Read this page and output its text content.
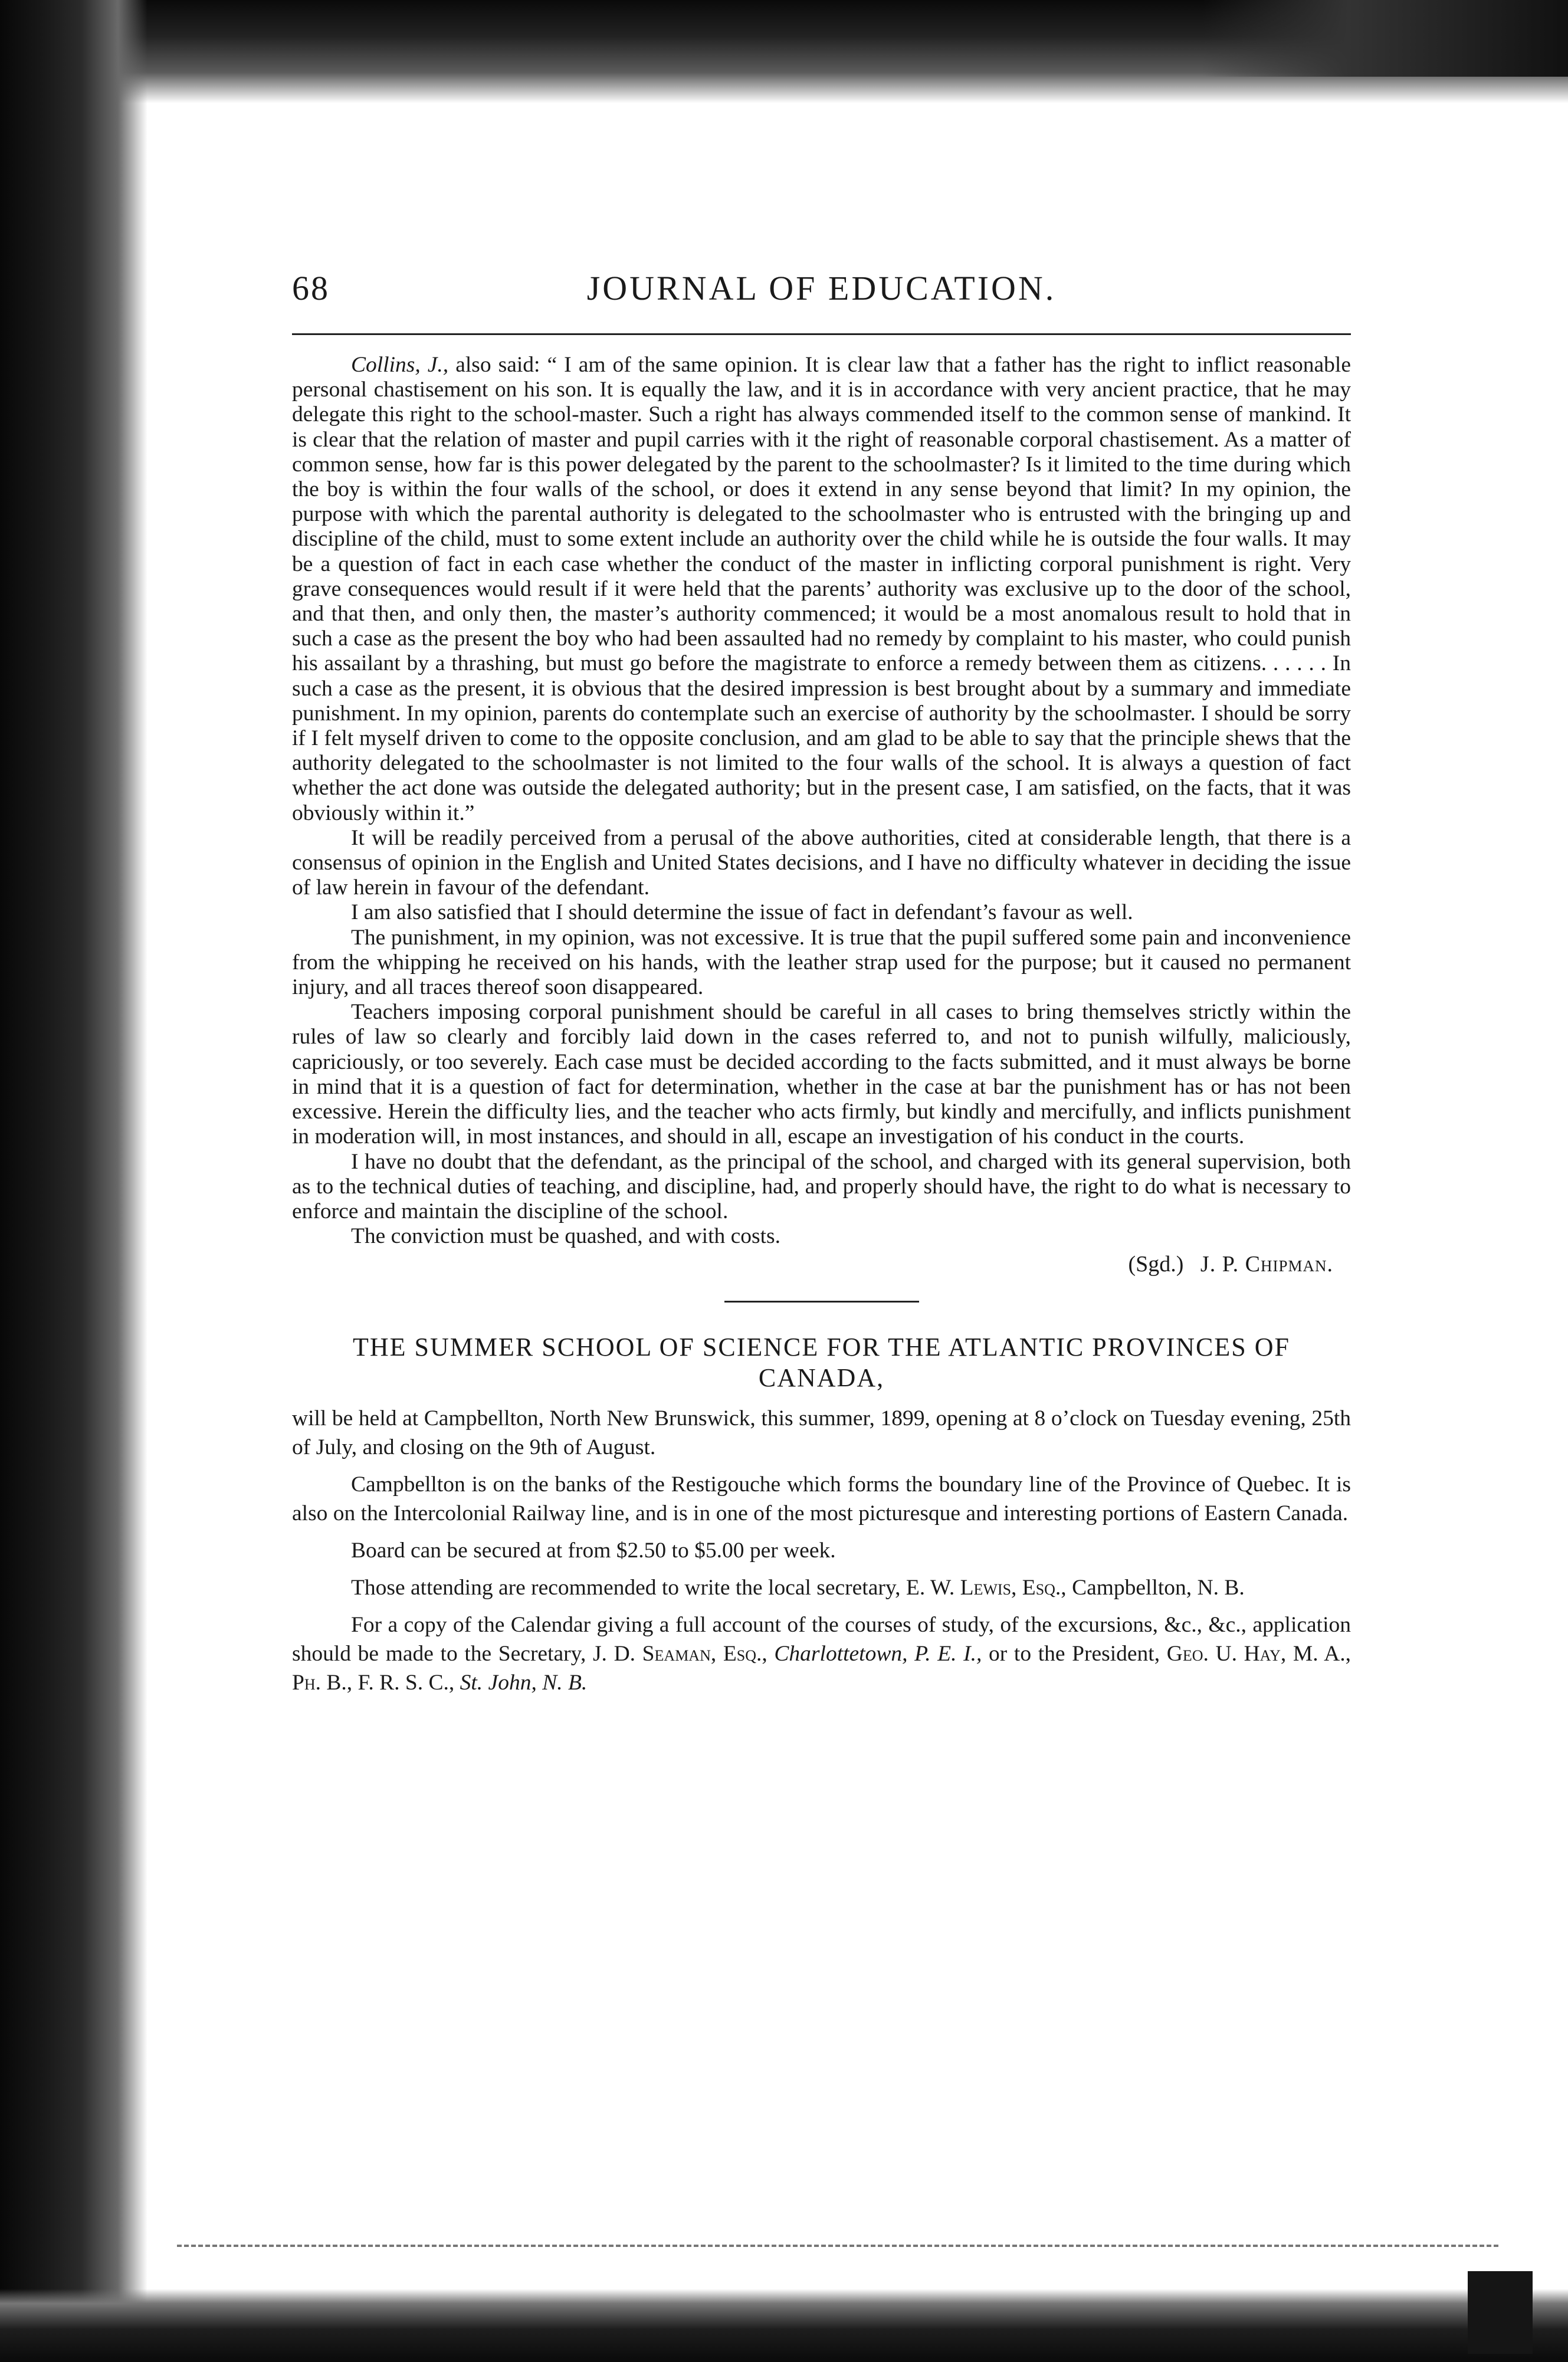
68	JOURNAL OF EDUCATION.

Collins, J., also said: “ I am of the same opinion. It is clear law that a father has the right to inflict reasonable personal chastisement on his son. It is equally the law, and it is in accordance with very ancient practice, that he may delegate this right to the school-master. Such a right has always commended itself to the common sense of mankind. It is clear that the relation of master and pupil carries with it the right of reasonable corporal chastisement. As a matter of common sense, how far is this power delegated by the parent to the schoolmaster? Is it limited to the time during which the boy is within the four walls of the school, or does it extend in any sense beyond that limit? In my opinion, the purpose with which the parental authority is delegated to the schoolmaster who is entrusted with the bringing up and discipline of the child, must to some extent include an authority over the child while he is outside the four walls. It may be a question of fact in each case whether the conduct of the master in inflicting corporal punishment is right. Very grave consequences would result if it were held that the parents’ authority was exclusive up to the door of the school, and that then, and only then, the master’s authority commenced; it would be a most anomalous result to hold that in such a case as the present the boy who had been assaulted had no remedy by complaint to his master, who could punish his assailant by a thrashing, but must go before the magistrate to enforce a remedy between them as citizens. . . . . . In such a case as the present, it is obvious that the desired impression is best brought about by a summary and immediate punishment. In my opinion, parents do contemplate such an exercise of authority by the schoolmaster. I should be sorry if I felt myself driven to come to the opposite conclusion, and am glad to be able to say that the principle shews that the authority delegated to the schoolmaster is not limited to the four walls of the school. It is always a question of fact whether the act done was outside the delegated authority; but in the present case, I am satisfied, on the facts, that it was obviously within it.”

It will be readily perceived from a perusal of the above authorities, cited at considerable length, that there is a consensus of opinion in the English and United States decisions, and I have no difficulty whatever in deciding the issue of law herein in favour of the defendant.

I am also satisfied that I should determine the issue of fact in defendant’s favour as well.

The punishment, in my opinion, was not excessive. It is true that the pupil suffered some pain and inconvenience from the whipping he received on his hands, with the leather strap used for the purpose; but it caused no permanent injury, and all traces thereof soon disappeared.

Teachers imposing corporal punishment should be careful in all cases to bring themselves strictly within the rules of law so clearly and forcibly laid down in the cases referred to, and not to punish wilfully, maliciously, capriciously, or too severely. Each case must be decided according to the facts submitted, and it must always be borne in mind that it is a question of fact for determination, whether in the case at bar the punishment has or has not been excessive. Herein the difficulty lies, and the teacher who acts firmly, but kindly and mercifully, and inflicts punishment in moderation will, in most instances, and should in all, escape an investigation of his conduct in the courts.

I have no doubt that the defendant, as the principal of the school, and charged with its general supervision, both as to the technical duties of teaching, and discipline, had, and properly should have, the right to do what is necessary to enforce and maintain the discipline of the school.

The conviction must be quashed, and with costs.

(Sgd.) J. P. Chipman.
THE SUMMER SCHOOL OF SCIENCE FOR THE ATLANTIC PROVINCES OF CANADA,

will be held at Campbellton, North New Brunswick, this summer, 1899, opening at 8 o’clock on Tuesday evening, 25th of July, and closing on the 9th of August.

Campbellton is on the banks of the Restigouche which forms the boundary line of the Province of Quebec. It is also on the Intercolonial Railway line, and is in one of the most picturesque and interesting portions of Eastern Canada.

Board can be secured at from $2.50 to $5.00 per week.

Those attending are recommended to write the local secretary, E. W. Lewis, Esq., Campbellton, N. B.

For a copy of the Calendar giving a full account of the courses of study, of the excursions, &c., &c., application should be made to the Secretary, J. D. Seaman, Esq., Charlottetown, P. E. I., or to the President, Geo. U. Hay, M. A., Ph. B., F. R. S. C., St. John, N. B.
